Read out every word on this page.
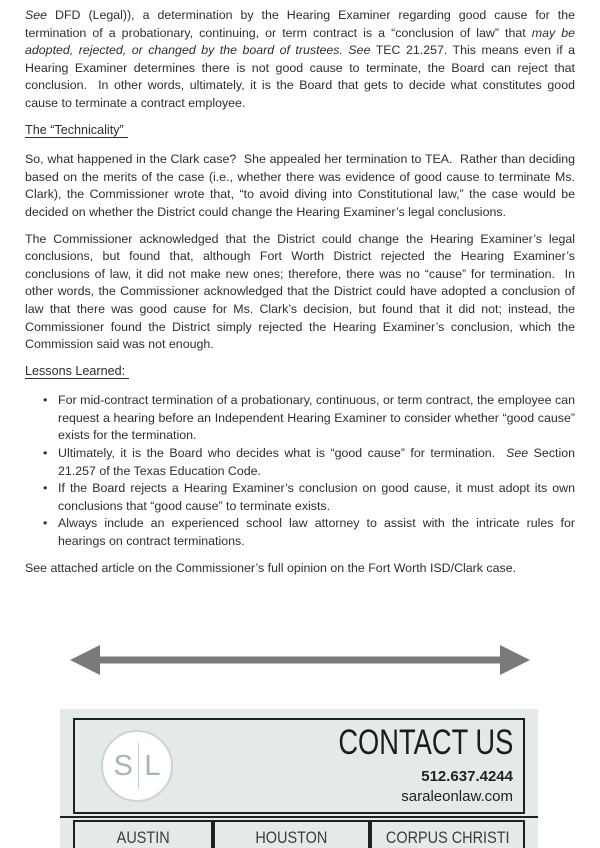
See DFD (Legal)), a determination by the Hearing Examiner regarding good cause for the termination of a probationary, continuing, or term contract is a “conclusion of law” that may be adopted, rejected, or changed by the board of trustees. See TEC 21.257. This means even if a Hearing Examiner determines there is not good cause to terminate, the Board can reject that conclusion.  In other words, ultimately, it is the Board that gets to decide what constitutes good cause to terminate a contract employee.

The “Technicality”

So, what happened in the Clark case?  She appealed her termination to TEA.  Rather than deciding based on the merits of the case (i.e., whether there was evidence of good cause to terminate Ms. Clark), the Commissioner wrote that, “to avoid diving into Constitutional law,” the case would be decided on whether the District could change the Hearing Examiner’s legal conclusions.

The Commissioner acknowledged that the District could change the Hearing Examiner’s legal conclusions, but found that, although Fort Worth District rejected the Hearing Examiner’s conclusions of law, it did not make new ones; therefore, there was no “cause” for termination.  In other words, the Commissioner acknowledged that the District could have adopted a conclusion of law that there was good cause for Ms. Clark’s decision, but found that it did not; instead, the Commissioner found the District simply rejected the Hearing Examiner’s conclusion, which the Commission said was not enough.

Lessons Learned:

• For mid-contract termination of a probationary, continuous, or term contract, the employee can request a hearing before an Independent Hearing Examiner to consider whether “good cause” exists for the termination.
• Ultimately, it is the Board who decides what is “good cause” for termination.  See Section 21.257 of the Texas Education Code.
• If the Board rejects a Hearing Examiner’s conclusion on good cause, it must adopt its own conclusions that “good cause” to terminate exists.
• Always include an experienced school law attorney to assist with the intricate rules for hearings on contract terminations.

See attached article on the Commissioner’s full opinion on the Fort Worth ISD/Clark case.

S L
CONTACT US
512.637.4244
saraleonlaw.com
AUSTIN	HOUSTON	CORPUS CHRISTI
